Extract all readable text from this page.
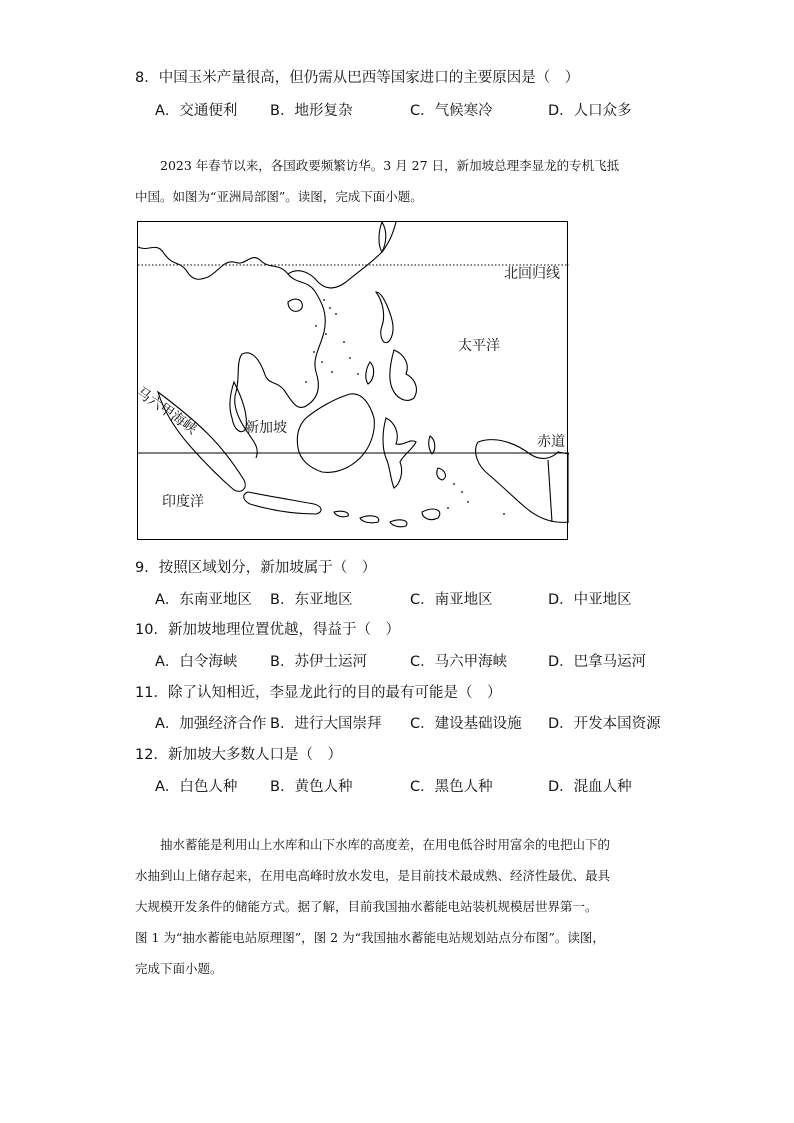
8．中国玉米产量很高，但仍需从巴西等国家进口的主要原因是（　）
A．交通便利 B．地形复杂	C．气候寒冷	D．人口众多
2023 年春节以来，各国政要频繁访华。3 月 27 日，新加坡总理李显龙的专机飞抵
中国。如图为“亚洲局部图”。读图，完成下面小题。
北回归线
太平洋
马六甲海峡	新加坡
赤道
印度洋
9．按照区域划分，新加坡属于（　）
A．东南亚地区 B．东亚地区	C．南亚地区	D．中亚地区
10．新加坡地理位置优越，得益于（　）
A．白令海峡 B．苏伊士运河	C．马六甲海峡	D．巴拿马运河
11．除了认知相近，李显龙此行的目的最有可能是（　）
A．加强经济合作 B．进行大国崇拜 C．建设基础设施 D．开发本国资源
12．新加坡大多数人口是（　）
A．白色人种 B．黄色人种	C．黑色人种	D．混血人种
抽水蓄能是利用山上水库和山下水库的高度差，在用电低谷时用富余的电把山下的
水抽到山上储存起来，在用电高峰时放水发电，是目前技术最成熟、经济性最优、最具
大规模开发条件的储能方式。据了解，目前我国抽水蓄能电站装机规模居世界第一。
图 1 为“抽水蓄能电站原理图”，图 2 为“我国抽水蓄能电站规划站点分布图”。读图，
完成下面小题。
